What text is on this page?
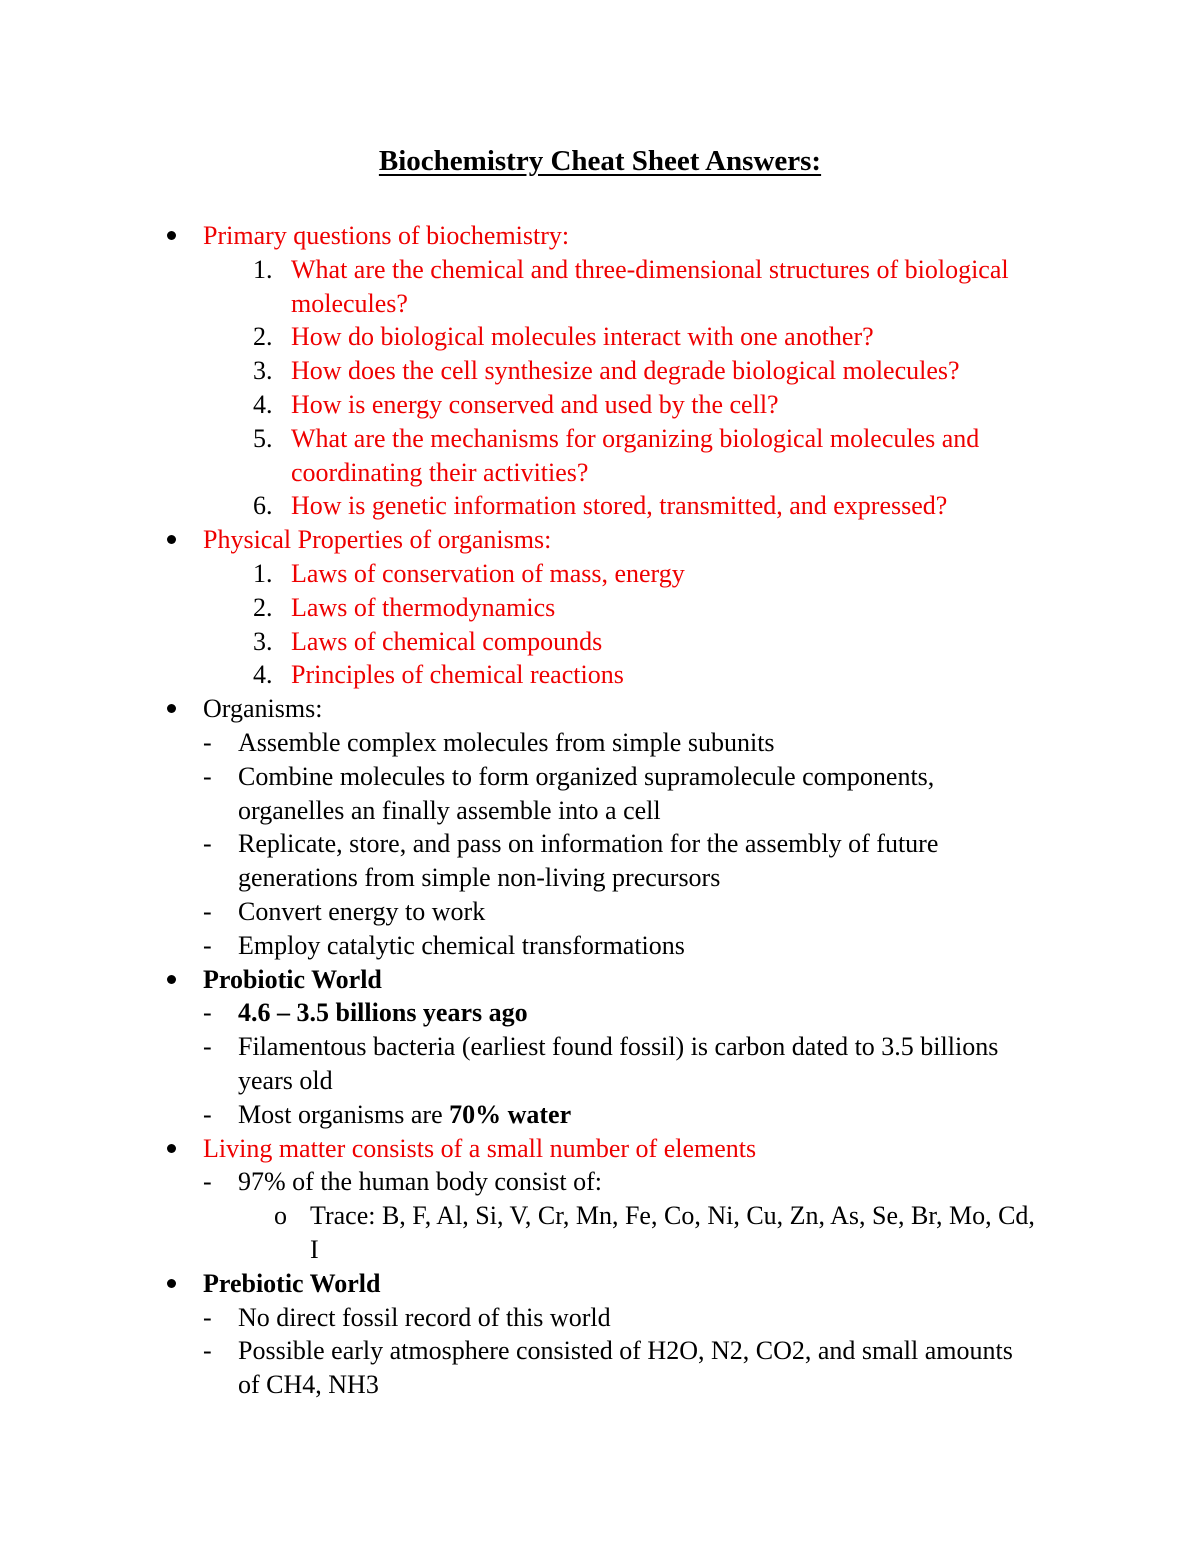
Biochemistry Cheat Sheet Answers:
Primary questions of biochemistry:
1. What are the chemical and three-dimensional structures of biological molecules?
2. How do biological molecules interact with one another?
3. How does the cell synthesize and degrade biological molecules?
4. How is energy conserved and used by the cell?
5. What are the mechanisms for organizing biological molecules and coordinating their activities?
6. How is genetic information stored, transmitted, and expressed?
Physical Properties of organisms:
1. Laws of conservation of mass, energy
2. Laws of thermodynamics
3. Laws of chemical compounds
4. Principles of chemical reactions
Organisms:
- Assemble complex molecules from simple subunits
- Combine molecules to form organized supramolecule components, organelles an finally assemble into a cell
- Replicate, store, and pass on information for the assembly of future generations from simple non-living precursors
- Convert energy to work
- Employ catalytic chemical transformations
Probiotic World
- 4.6 – 3.5 billions years ago
- Filamentous bacteria (earliest found fossil) is carbon dated to 3.5 billions years old
- Most organisms are 70% water
Living matter consists of a small number of elements
- 97% of the human body consist of:
o Trace: B, F, Al, Si, V, Cr, Mn, Fe, Co, Ni, Cu, Zn, As, Se, Br, Mo, Cd, I
Prebiotic World
- No direct fossil record of this world
- Possible early atmosphere consisted of H2O, N2, CO2, and small amounts of CH4, NH3
